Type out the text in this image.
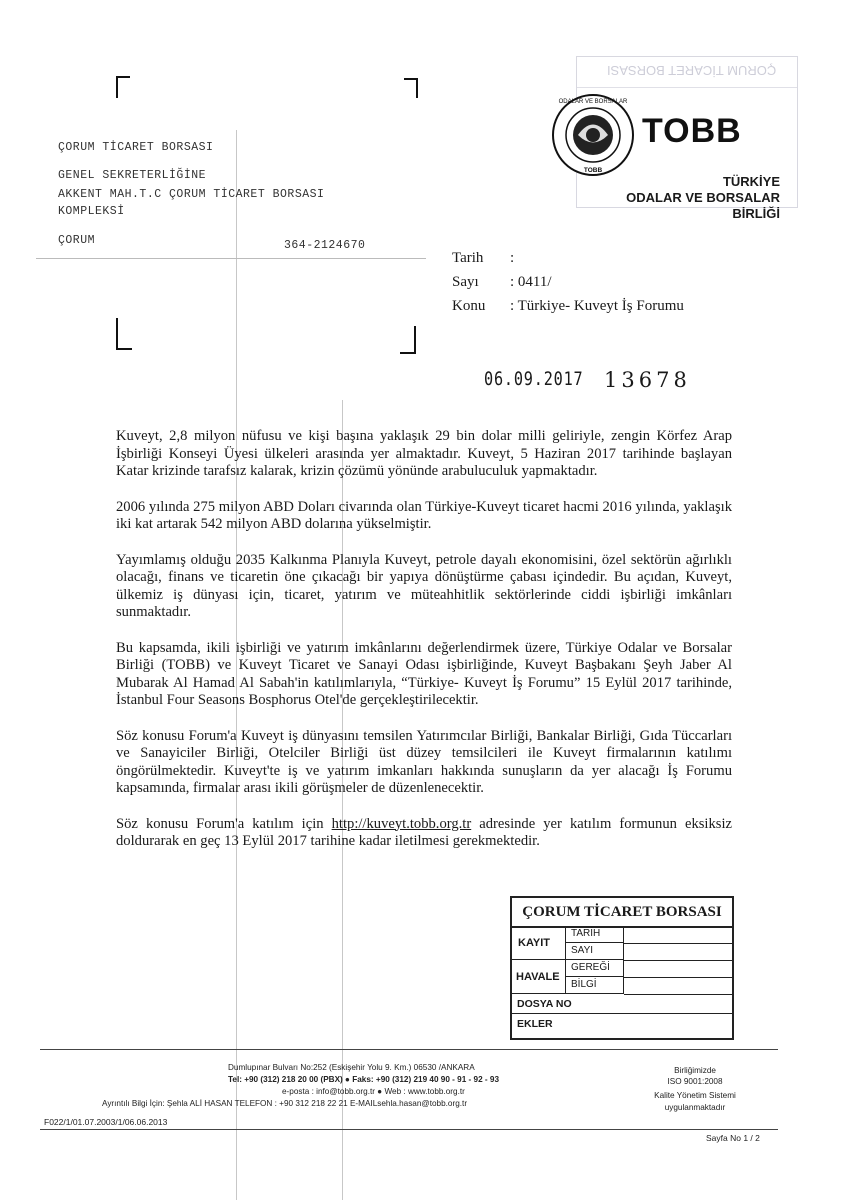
ÇORUM TİCARET BORSASI
GENEL SEKRETERLİĞİNE
AKKENT MAH.T.C ÇORUM TİCARET BORSASI
KOMPLEKSİ
ÇORUM	364-2124670
ÇORUM TİCARET BORSASI
ODALAR VE BORSALAR
TOBB
TOBB
TÜRKİYE
ODALAR VE BORSALAR
BİRLİĞİ
Tarih :
Sayı : 0411/
Konu : Türkiye- Kuveyt İş Forumu
06.09.2017 13678

Kuveyt, 2,8 milyon nüfusu ve kişi başına yaklaşık 29 bin dolar milli geliriyle, zengin Körfez Arap İşbirliği Konseyi Üyesi ülkeleri arasında yer almaktadır. Kuveyt, 5 Haziran 2017 tarihinde başlayan Katar krizinde tarafsız kalarak, krizin çözümü yönünde arabuluculuk yapmaktadır.

2006 yılında 275 milyon ABD Doları civarında olan Türkiye-Kuveyt ticaret hacmi 2016 yılında, yaklaşık iki kat artarak 542 milyon ABD dolarına yükselmiştir.

Yayımlamış olduğu 2035 Kalkınma Planıyla Kuveyt, petrole dayalı ekonomisini, özel sektörün ağırlıklı olacağı, finans ve ticaretin öne çıkacağı bir yapıya dönüştürme çabası içindedir. Bu açıdan, Kuveyt, ülkemiz iş dünyası için, ticaret, yatırım ve müteahhitlik sektörlerinde ciddi işbirliği imkânları sunmaktadır.

Bu kapsamda, ikili işbirliği ve yatırım imkânlarını değerlendirmek üzere, Türkiye Odalar ve Borsalar Birliği (TOBB) ve Kuveyt Ticaret ve Sanayi Odası işbirliğinde, Kuveyt Başbakanı Şeyh Jaber Al Mubarak Al Hamad Al Sabah'in katılımlarıyla, “Türkiye- Kuveyt İş Forumu” 15 Eylül 2017 tarihinde, İstanbul Four Seasons Bosphorus Otel'de gerçekleştirilecektir.

Söz konusu Forum'a Kuveyt iş dünyasını temsilen Yatırımcılar Birliği, Bankalar Birliği, Gıda Tüccarları ve Sanayiciler Birliği, Otelciler Birliği üst düzey temsilcileri ile Kuveyt firmalarının katılımı öngörülmektedir. Kuveyt'te iş ve yatırım imkanları hakkında sunuşların da yer alacağı İş Forumu kapsamında, firmalar arası ikili görüşmeler de düzenlenecektir.

Söz konusu Forum'a katılım için http://kuveyt.tobb.org.tr adresinde yer katılım formunun eksiksiz doldurarak en geç 13 Eylül 2017 tarihine kadar iletilmesi gerekmektedir.

ÇORUM TİCARET BORSASI
KAYIT
TARİH
SAYI
HAVALE
GEREĞİ
BİLGİ
DOSYA NO
EKLER
Dumlupınar Bulvarı No:252 (Eskişehir Yolu 9. Km.) 06530 /ANKARA
Tel: +90 (312) 218 20 00 (PBX) ● Faks: +90 (312) 219 40 90 - 91 - 92 - 93
e-posta : info@tobb.org.tr ● Web : www.tobb.org.tr
Ayrıntılı Bilgi İçin: Şehla ALİ HASAN TELEFON : +90 312 218 22 21 E-MAILsehla.hasan@tobb.org.tr
Birliğimizde
ISO 9001:2008
Kalite Yönetim Sistemi
uygulanmaktadır
F022/1/01.07.2003/1/06.06.2013
Sayfa No 1 / 2
